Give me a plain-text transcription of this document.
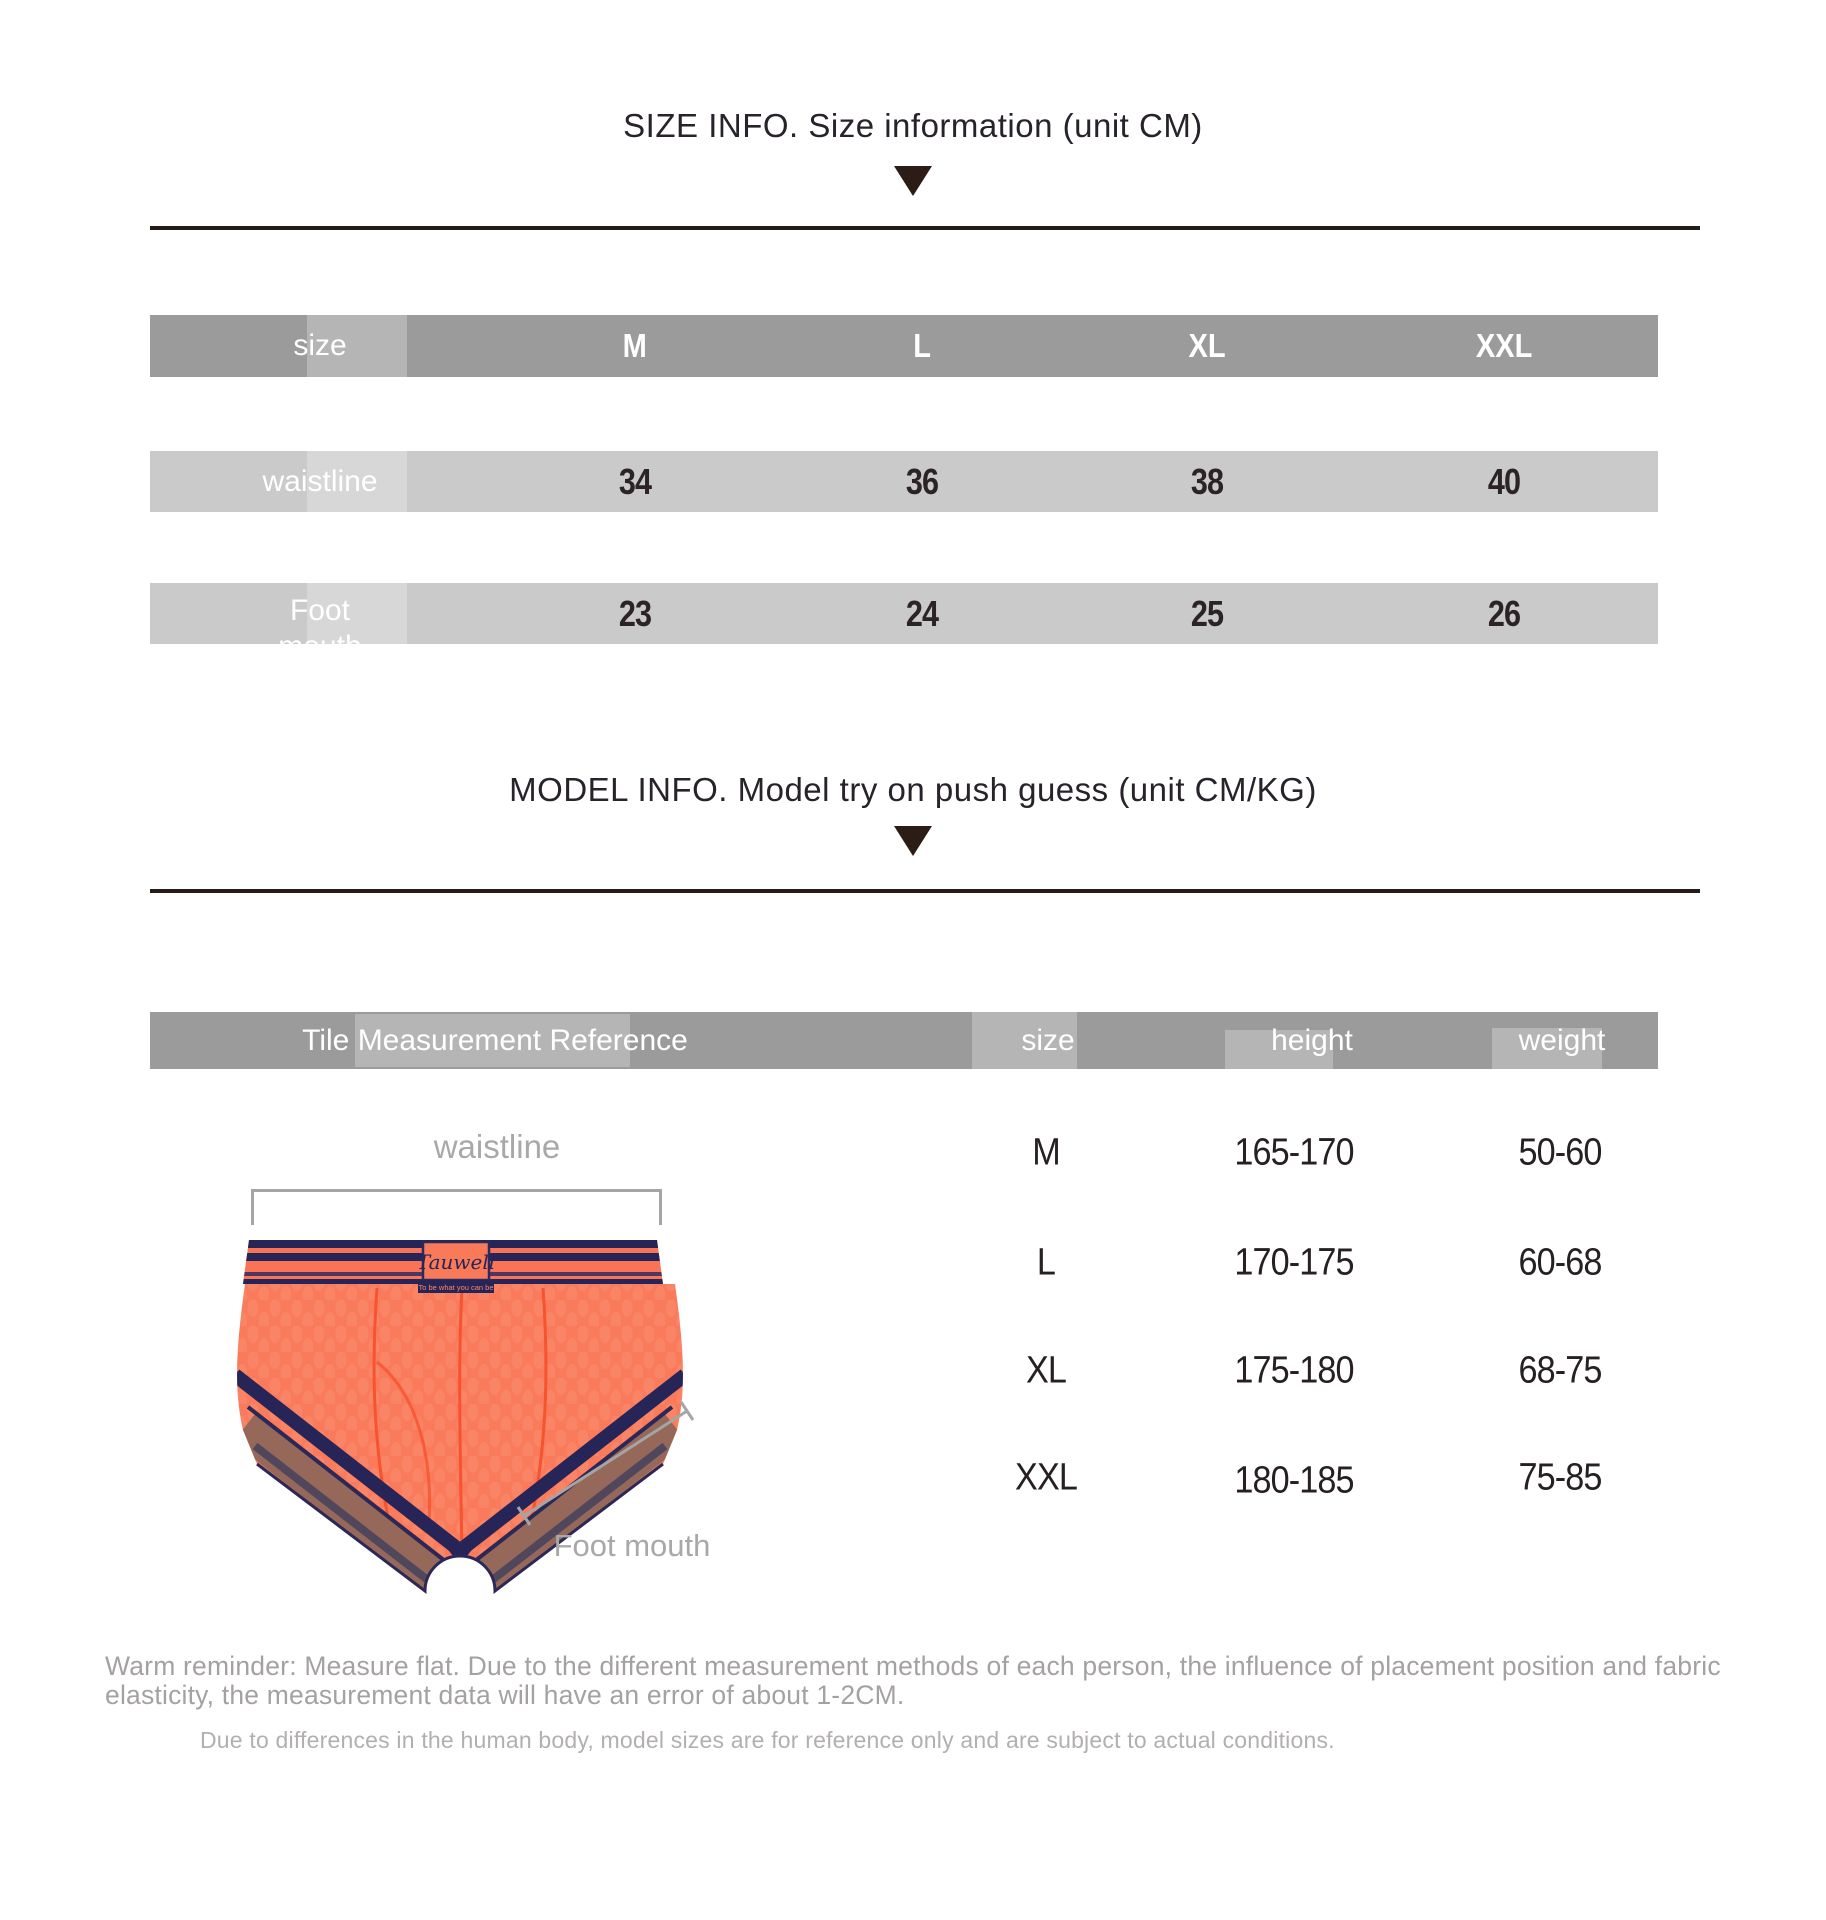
SIZE INFO. Size information (unit CM)
size	M	L	XL	XXL
waistline	34	36	38	40
Foot
mouth
23	24	25	26
MODEL INFO. Model try on push guess (unit CM/KG)
Tile Measurement Reference	size	height	weight
waistline
Tauwell
To be what you can be
Foot mouth
M	165-170	50-60
L	170-175	60-68
XL	175-180	68-75
XXL	180-185	75-85
Warm reminder: Measure flat. Due to the different measurement methods of each person, the influence of placement position and fabric elasticity, the measurement data will have an error of about 1-2CM.
Due to differences in the human body, model sizes are for reference only and are subject to actual conditions.
